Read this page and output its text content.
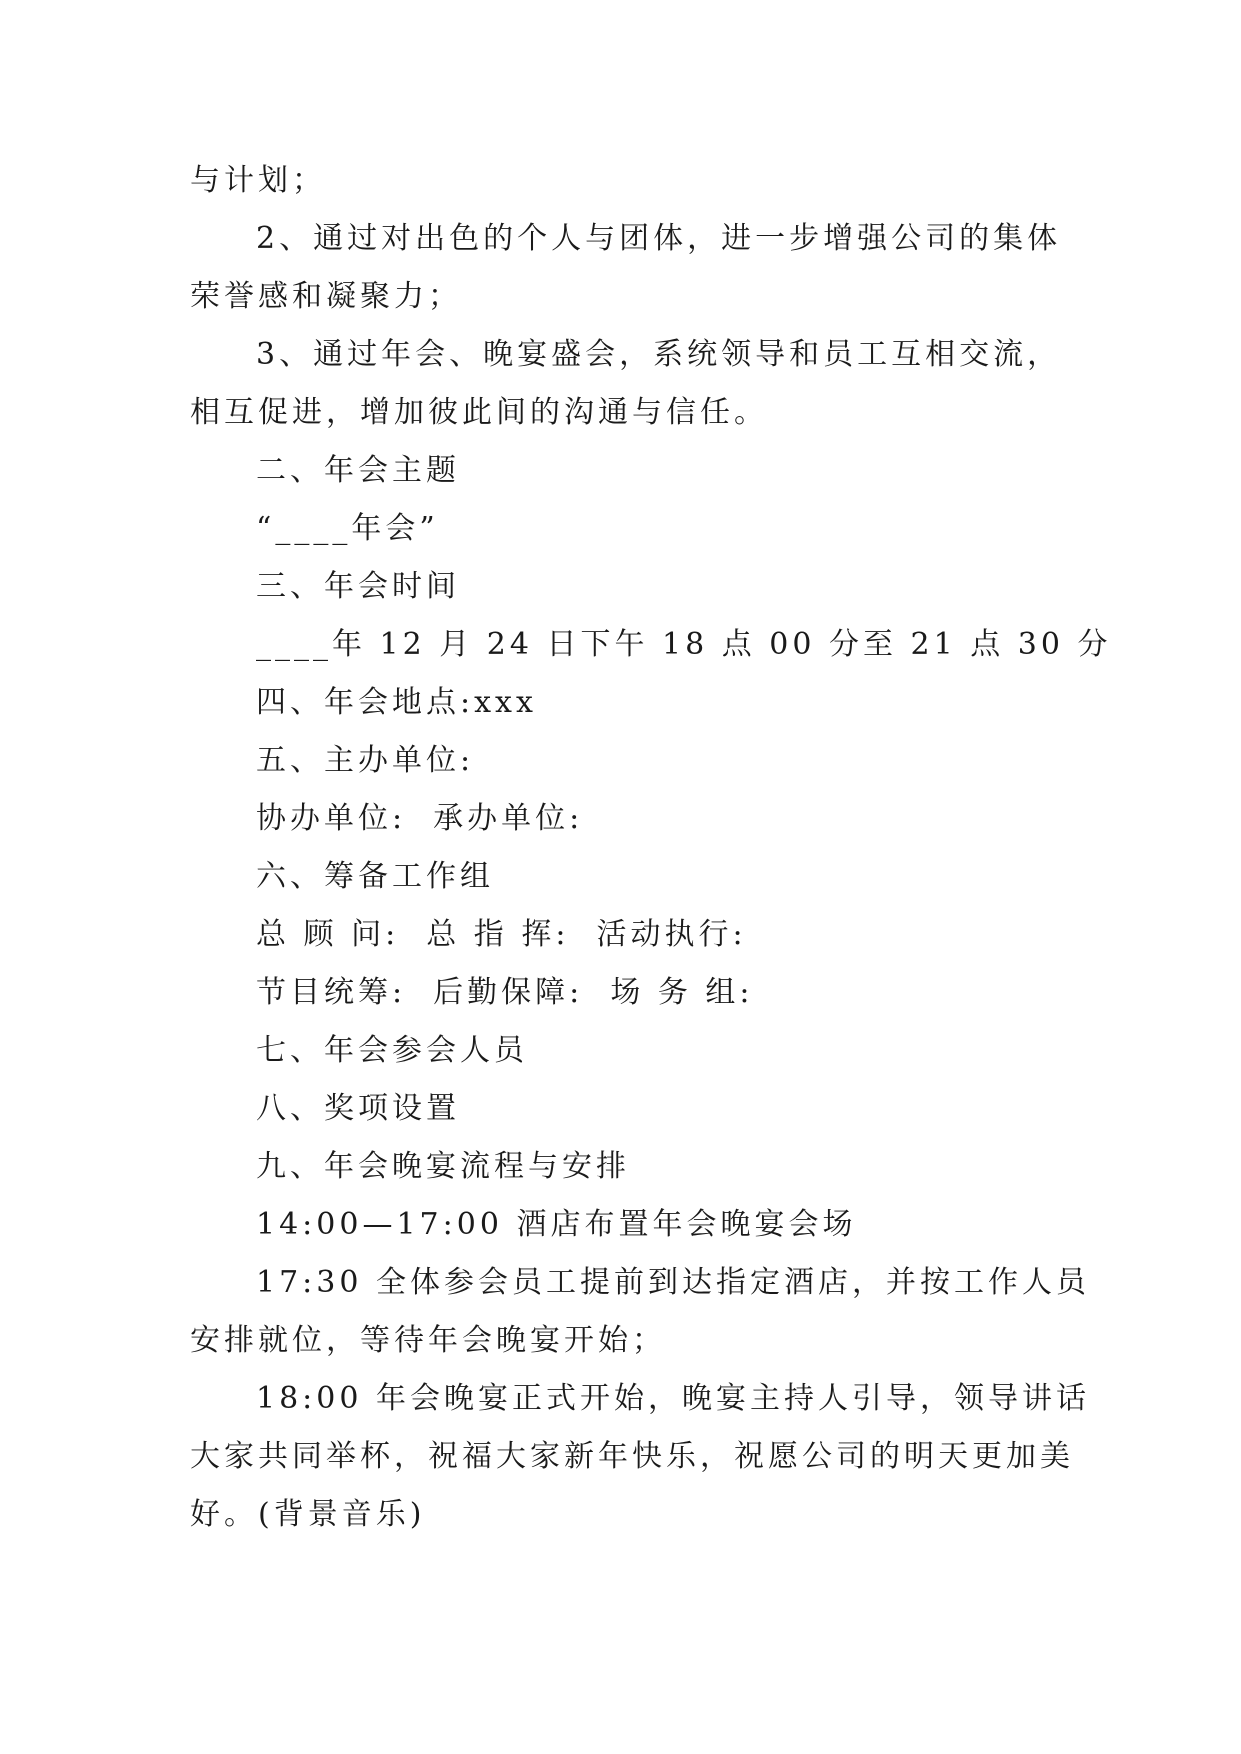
与计划；
2、通过对出色的个人与团体，进一步增强公司的集体
荣誉感和凝聚力；
3、通过年会、晚宴盛会，系统领导和员工互相交流，
相互促进，增加彼此间的沟通与信任。
二、年会主题
“____年会”
三、年会时间
____年 12 月 24 日下午 18 点 00 分至 21 点 30 分
四、年会地点:xxx
五、主办单位:
协办单位:  承办单位:
六、筹备工作组
总 顾 问:  总 指 挥:  活动执行:
节目统筹:  后勤保障:  场 务 组:
七、年会参会人员
八、奖项设置
九、年会晚宴流程与安排
14:00—17:00 酒店布置年会晚宴会场
17:30 全体参会员工提前到达指定酒店，并按工作人员
安排就位，等待年会晚宴开始；
18:00 年会晚宴正式开始，晚宴主持人引导，领导讲话
大家共同举杯，祝福大家新年快乐，祝愿公司的明天更加美
好。(背景音乐)
